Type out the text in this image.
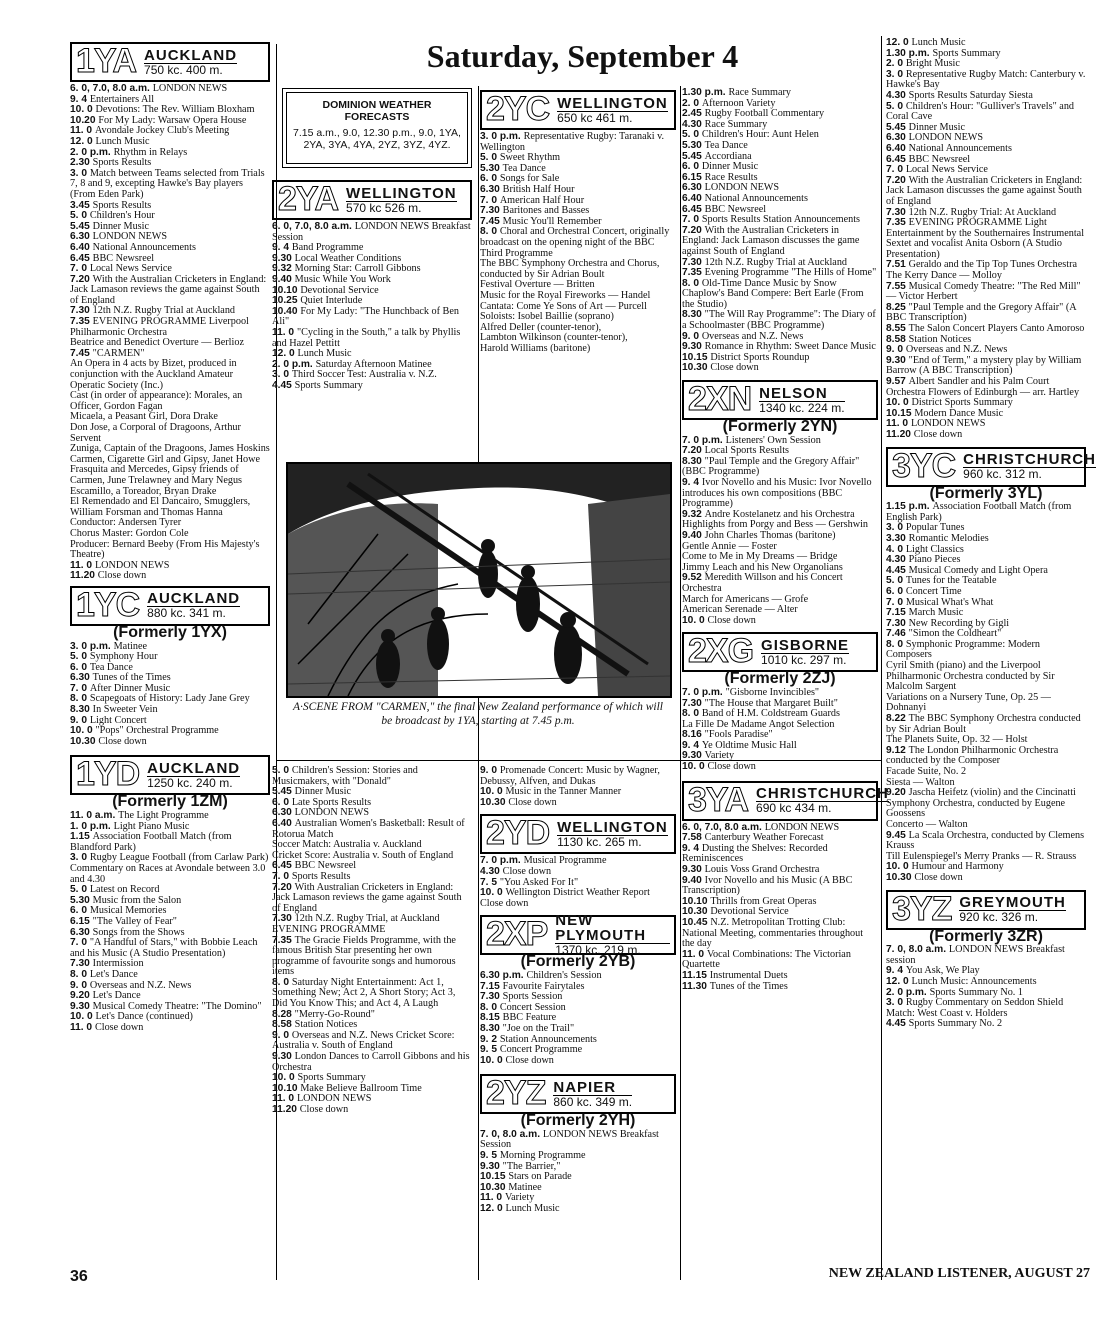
Saturday, September 4
DOMINION WEATHER FORECASTS
7.15 a.m., 9.0, 12.30 p.m., 9.0, 1YA, 2YA, 3YA, 4YA, 2YZ, 3YZ, 4YZ.
A·SCENE FROM "CARMEN," the final New Zealand performance of which will be broadcast by 1YA, starting at 7.45 p.m.
1YA AUCKLAND
750 kc. 400 m.
6. 0, 7.0, 8.0 a.m. LONDON NEWS
9. 4 Entertainers All
10. 0 Devotions: The Rev. William Bloxham
10.20 For My Lady: Warsaw Opera House
11. 0 Avondale Jockey Club's Meeting
12. 0 Lunch Music
2. 0 p.m. Rhythm in Relays
2.30 Sports Results
3. 0 Match between Teams selected from Trials 7, 8 and 9, excepting Hawke's Bay players (From Eden Park)
3.45 Sports Results
5. 0 Children's Hour
5.45 Dinner Music
6.30 LONDON NEWS
6.40 National Announcements
6.45 BBC Newsreel
7. 0 Local News Service
7.20 With the Australian Cricketers in England: Jack Lamason reviews the game against South of England
7.30 12th N.Z. Rugby Trial at Auckland
7.35 EVENING PROGRAMME Liverpool Philharmonic Orchestra
Beatrice and Benedict Overture — Berlioz
7.45 "CARMEN"
An Opera in 4 acts by Bizet, produced in conjunction with the Auckland Amateur Operatic Society (Inc.)
Cast (in order of appearance): Morales, an Officer, Gordon Fagan
Micaela, a Peasant Girl, Dora Drake
Don Jose, a Corporal of Dragoons, Arthur Servent
Zuniga, Captain of the Dragoons, James Hoskins
Carmen, Cigarette Girl and Gipsy, Janet Howe
Frasquita and Mercedes, Gipsy friends of Carmen, June Trelawney and Mary Negus
Escamillo, a Toreador, Bryan Drake
El Remendado and El Dancairo, Smugglers, William Forsman and Thomas Hanna
Conductor: Andersen Tyrer
Chorus Master: Gordon Cole
Producer: Bernard Beeby (From His Majesty's Theatre)
11. 0 LONDON NEWS
11.20 Close down
1YC AUCKLAND
880 kc. 341 m.
(Formerly 1YX)
3. 0 p.m. Matinee
5. 0 Symphony Hour
6. 0 Tea Dance
6.30 Tunes of the Times
7. 0 After Dinner Music
8. 0 Scapegoats of History: Lady Jane Grey
8.30 In Sweeter Vein
9. 0 Light Concert
10. 0 "Pops" Orchestral Programme
10.30 Close down
1YD AUCKLAND
1250 kc. 240 m.
(Formerly 1ZM)
11. 0 a.m. The Light Programme
1. 0 p.m. Light Piano Music
1.15 Association Football Match (from Blandford Park)
3. 0 Rugby League Football (from Carlaw Park)
Commentary on Races at Avondale between 3.0 and 4.30
5. 0 Latest on Record
5.30 Music from the Salon
6. 0 Musical Memories
6.15 "The Valley of Fear"
6.30 Songs from the Shows
7. 0 "A Handful of Stars," with Bobbie Leach and his Music (A Studio Presentation)
7.30 Intermission
8. 0 Let's Dance
9. 0 Overseas and N.Z. News
9.20 Let's Dance
9.30 Musical Comedy Theatre: "The Domino"
10. 0 Let's Dance (continued)
11. 0 Close down
36
2YA WELLINGTON
570 kc 526 m.
6. 0, 7.0, 8.0 a.m. LONDON NEWS Breakfast Session
9. 4 Band Programme
9.30 Local Weather Conditions
9.32 Morning Star: Carroll Gibbons
9.40 Music While You Work
10.10 Devotional Service
10.25 Quiet Interlude
10.40 For My Lady: "The Hunchback of Ben Ali"
11. 0 "Cycling in the South," a talk by Phyllis and Hazel Pettitt
12. 0 Lunch Music
2. 0 p.m. Saturday Afternoon Matinee
3. 0 Third Soccer Test: Australia v. N.Z.
4.45 Sports Summary
5. 0 Children's Session: Stories and Musicmakers, with "Donald"
5.45 Dinner Music
6. 0 Late Sports Results
6.30 LONDON NEWS
6.40 Australian Women's Basketball: Result of Rotorua Match
Soccer Match: Australia v. Auckland
Cricket Score: Australia v. South of England
6.45 BBC Newsreel
7. 0 Sports Results
7.20 With Australian Cricketers in England: Jack Lamason reviews the game against South of England
7.30 12th N.Z. Rugby Trial, at Auckland EVENING PROGRAMME
7.35 The Gracie Fields Programme, with the famous British Star presenting her own programme of favourite songs and humorous items
8. 0 Saturday Night Entertainment: Act 1, Something New; Act 2, A Short Story; Act 3, Did You Know This; and Act 4, A Laugh
8.28 "Merry-Go-Round"
8.58 Station Notices
9. 0 Overseas and N.Z. News Cricket Score: Australia v. South of England
9.30 London Dances to Carroll Gibbons and his Orchestra
10. 0 Sports Summary
10.10 Make Believe Ballroom Time
11. 0 LONDON NEWS
11.20 Close down
2YC WELLINGTON
650 kc 461 m.
3. 0 p.m. Representative Rugby: Taranaki v. Wellington
5. 0 Sweet Rhythm
5.30 Tea Dance
6. 0 Songs for Sale
6.30 British Half Hour
7. 0 American Half Hour
7.30 Baritones and Basses
7.45 Music You'll Remember
8. 0 Choral and Orchestral Concert, originally broadcast on the opening night of the BBC Third Programme
The BBC Symphony Orchestra and Chorus, conducted by Sir Adrian Boult
Festival Overture — Britten
Music for the Royal Fireworks — Handel
Cantata: Come Ye Sons of Art — Purcell
Soloists: Isobel Baillie (soprano)
Alfred Deller (counter-tenor),
Lambton Wilkinson (counter-tenor),
Harold Williams (baritone)
9. 0 Promenade Concert: Music by Wagner, Debussy, Alfven, and Dukas
10. 0 Music in the Tanner Manner
10.30 Close down
2YD WELLINGTON
1130 kc. 265 m.
7. 0 p.m. Musical Programme
4.30 Close down
7. 5 "You Asked For It"
10. 0 Wellington District Weather Report
Close down
2XP NEW PLYMOUTH
1370 kc. 219 m.
(Formerly 2YB)
6.30 p.m. Children's Session
7.15 Favourite Fairytales
7.30 Sports Session
8. 0 Concert Session
8.15 BBC Feature
8.30 "Joe on the Trail"
9. 2 Station Announcements
9. 5 Concert Programme
10. 0 Close down
2YZ NAPIER
860 kc. 349 m.
(Formerly 2YH)
7. 0, 8.0 a.m. LONDON NEWS Breakfast Session
9. 5 Morning Programme
9.30 "The Barrier,"
10.15 Stars on Parade
10.30 Matinee
11. 0 Variety
12. 0 Lunch Music
1.30 p.m. Race Summary
2. 0 Afternoon Variety
2.45 Rugby Football Commentary
4.30 Race Summary
5. 0 Children's Hour: Aunt Helen
5.30 Tea Dance
5.45 Accordiana
6. 0 Dinner Music
6.15 Race Results
6.30 LONDON NEWS
6.40 National Announcements
6.45 BBC Newsreel
7. 0 Sports Results Station Announcements
7.20 With the Australian Cricketers in England: Jack Lamason discusses the game against South of England
7.30 12th N.Z. Rugby Trial at Auckland
7.35 Evening Programme "The Hills of Home"
8. 0 Old-Time Dance Music by Snow Chaplow's Band Compere: Bert Earle (From the Studio)
8.30 "The Will Ray Programme": The Diary of a Schoolmaster (BBC Programme)
9. 0 Overseas and N.Z. News
9.30 Romance in Rhythm: Sweet Dance Music
10.15 District Sports Roundup
10.30 Close down
2XN NELSON
1340 kc. 224 m.
(Formerly 2YN)
7. 0 p.m. Listeners' Own Session
7.20 Local Sports Results
8.30 "Paul Temple and the Gregory Affair" (BBC Programme)
9. 4 Ivor Novello and his Music: Ivor Novello introduces his own compositions (BBC Programme)
9.32 Andre Kostelanetz and his Orchestra
Highlights from Porgy and Bess — Gershwin
9.40 John Charles Thomas (baritone)
Gentle Annie — Foster
Come to Me in My Dreams — Bridge
Jimmy Leach and his New Organolians
9.52 Meredith Willson and his Concert Orchestra
March for Americans — Grofe
American Serenade — Alter
10. 0 Close down
2XG GISBORNE
1010 kc. 297 m.
(Formerly 2ZJ)
7. 0 p.m. "Gisborne Invincibles"
7.30 "The House that Margaret Built"
8. 0 Band of H.M. Coldstream Guards
La Fille De Madame Angot Selection
8.16 "Fools Paradise"
9. 4 Ye Oldtime Music Hall
9.30 Variety
10. 0 Close down
3YA CHRISTCHURCH
690 kc 434 m.
6. 0, 7.0, 8.0 a.m. LONDON NEWS
7.58 Canterbury Weather Forecast
9. 4 Dusting the Shelves: Recorded Reminiscences
9.30 Louis Voss Grand Orchestra
9.40 Ivor Novello and his Music (A BBC Transcription)
10.10 Thrills from Great Operas
10.30 Devotional Service
10.45 N.Z. Metropolitan Trotting Club: National Meeting, commentaries throughout the day
11. 0 Vocal Combinations: The Victorian Quartette
11.15 Instrumental Duets
11.30 Tunes of the Times
12. 0 Lunch Music
1.30 p.m. Sports Summary
2. 0 Bright Music
3. 0 Representative Rugby Match: Canterbury v. Hawke's Bay
4.30 Sports Results Saturday Siesta
5. 0 Children's Hour: "Gulliver's Travels" and Coral Cave
5.45 Dinner Music
6.30 LONDON NEWS
6.40 National Announcements
6.45 BBC Newsreel
7. 0 Local News Service
7.20 With the Australian Cricketers in England: Jack Lamason discusses the game against South of England
7.30 12th N.Z. Rugby Trial: At Auckland
7.35 EVENING PROGRAMME Light Entertainment by the Southernaires Instrumental Sextet and vocalist Anita Osborn (A Studio Presentation)
7.51 Geraldo and the Tip Top Tunes Orchestra The Kerry Dance — Molloy
7.55 Musical Comedy Theatre: "The Red Mill" — Victor Herbert
8.25 "Paul Temple and the Gregory Affair" (A BBC Transcription)
8.55 The Salon Concert Players Canto Amoroso
8.58 Station Notices
9. 0 Overseas and N.Z. News
9.30 "End of Term," a mystery play by William Barrow (A BBC Transcription)
9.57 Albert Sandler and his Palm Court Orchestra Flowers of Edinburgh — arr. Hartley
10. 0 District Sports Summary
10.15 Modern Dance Music
11. 0 LONDON NEWS
11.20 Close down
3YC CHRISTCHURCH
960 kc. 312 m.
(Formerly 3YL)
1.15 p.m. Association Football Match (from English Park)
3. 0 Popular Tunes
3.30 Romantic Melodies
4. 0 Light Classics
4.30 Piano Pieces
4.45 Musical Comedy and Light Opera
5. 0 Tunes for the Teatable
6. 0 Concert Time
7. 0 Musical What's What
7.15 March Music
7.30 New Recording by Gigli
7.46 "Simon the Coldheart"
8. 0 Symphonic Programme: Modern Composers
Cyril Smith (piano) and the Liverpool Philharmonic Orchestra conducted by Sir Malcolm Sargent
Variations on a Nursery Tune, Op. 25 — Dohnanyi
8.22 The BBC Symphony Orchestra conducted by Sir Adrian Boult
The Planets Suite, Op. 32 — Holst
9.12 The London Philharmonic Orchestra conducted by the Composer
Facade Suite, No. 2
Siesta — Walton
9.20 Jascha Heifetz (violin) and the Cincinatti Symphony Orchestra, conducted by Eugene Goossens
Concerto — Walton
9.45 La Scala Orchestra, conducted by Clemens Krauss
Till Eulenspiegel's Merry Pranks — R. Strauss
10. 0 Humour and Harmony
10.30 Close down
3YZ GREYMOUTH
920 kc. 326 m.
(Formerly 3ZR)
7. 0, 8.0 a.m. LONDON NEWS Breakfast session
9. 4 You Ask, We Play
12. 0 Lunch Music: Announcements
2. 0 p.m. Sports Summary No. 1
3. 0 Rugby Commentary on Seddon Shield Match: West Coast v. Holders
4.45 Sports Summary No. 2
NEW ZEALAND LISTENER, AUGUST 27
